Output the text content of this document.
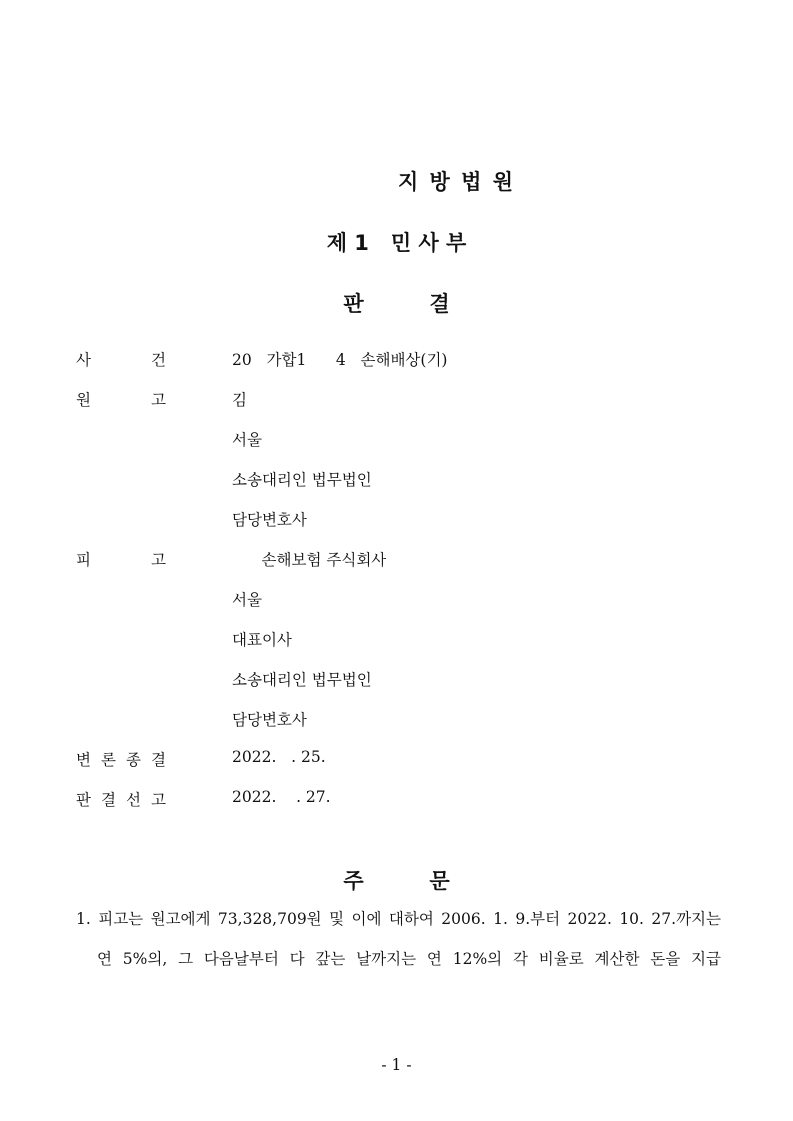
지 방 법 원
제 1   민 사 부
판         결
사	건	20   가합1      4   손해배상(기)
원	고	김
서울
소송대리인 법무법인
담당변호사
피	고	손해보험 주식회사
서울
대표이사
소송대리인 법무법인
담당변호사
변 론 종 결	2022.   . 25.
판 결 선 고	2022.    . 27.
주         문
1. 피고는 원고에게 73,328,709원 및 이에 대하여 2006. 1. 9.부터 2022. 10. 27.까지는
연 5%의, 그 다음날부터 다 갚는 날까지는 연 12%의 각 비율로 계산한 돈을 지급
- 1 -
